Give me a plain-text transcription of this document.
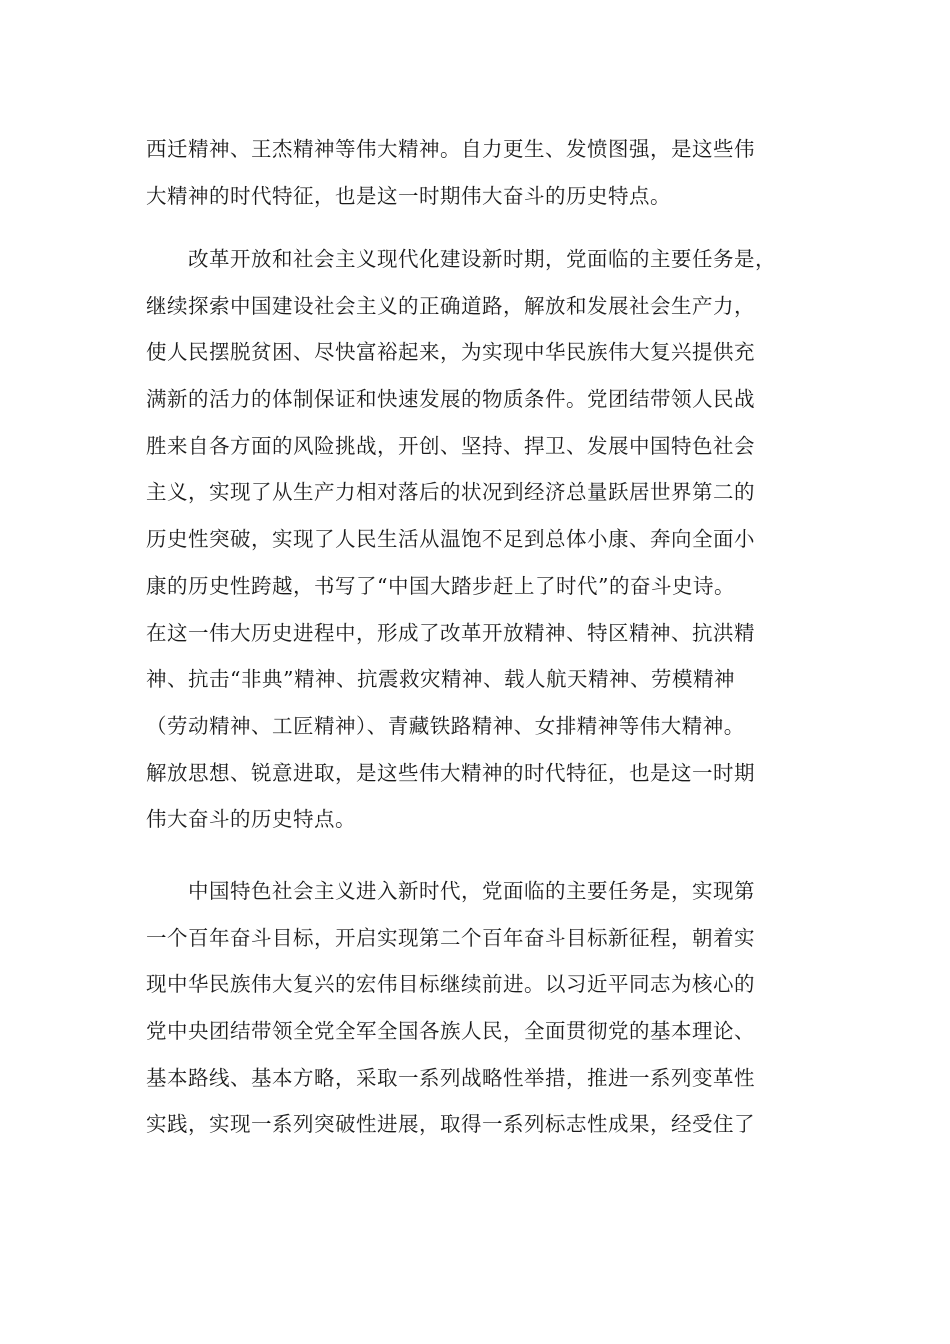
西迁精神、王杰精神等伟大精神。自力更生、发愤图强，是这些伟
大精神的时代特征，也是这一时期伟大奋斗的历史特点。
改革开放和社会主义现代化建设新时期，党面临的主要任务是，
继续探索中国建设社会主义的正确道路，解放和发展社会生产力，
使人民摆脱贫困、尽快富裕起来，为实现中华民族伟大复兴提供充
满新的活力的体制保证和快速发展的物质条件。党团结带领人民战
胜来自各方面的风险挑战，开创、坚持、捍卫、发展中国特色社会
主义，实现了从生产力相对落后的状况到经济总量跃居世界第二的
历史性突破，实现了人民生活从温饱不足到总体小康、奔向全面小
康的历史性跨越，书写了“中国大踏步赶上了时代”的奋斗史诗。
在这一伟大历史进程中，形成了改革开放精神、特区精神、抗洪精
神、抗击“非典”精神、抗震救灾精神、载人航天精神、劳模精神
（劳动精神、工匠精神）、青藏铁路精神、女排精神等伟大精神。
解放思想、锐意进取，是这些伟大精神的时代特征，也是这一时期
伟大奋斗的历史特点。
中国特色社会主义进入新时代，党面临的主要任务是，实现第
一个百年奋斗目标，开启实现第二个百年奋斗目标新征程，朝着实
现中华民族伟大复兴的宏伟目标继续前进。以习近平同志为核心的
党中央团结带领全党全军全国各族人民，全面贯彻党的基本理论、
基本路线、基本方略，采取一系列战略性举措，推进一系列变革性
实践，实现一系列突破性进展，取得一系列标志性成果，经受住了
